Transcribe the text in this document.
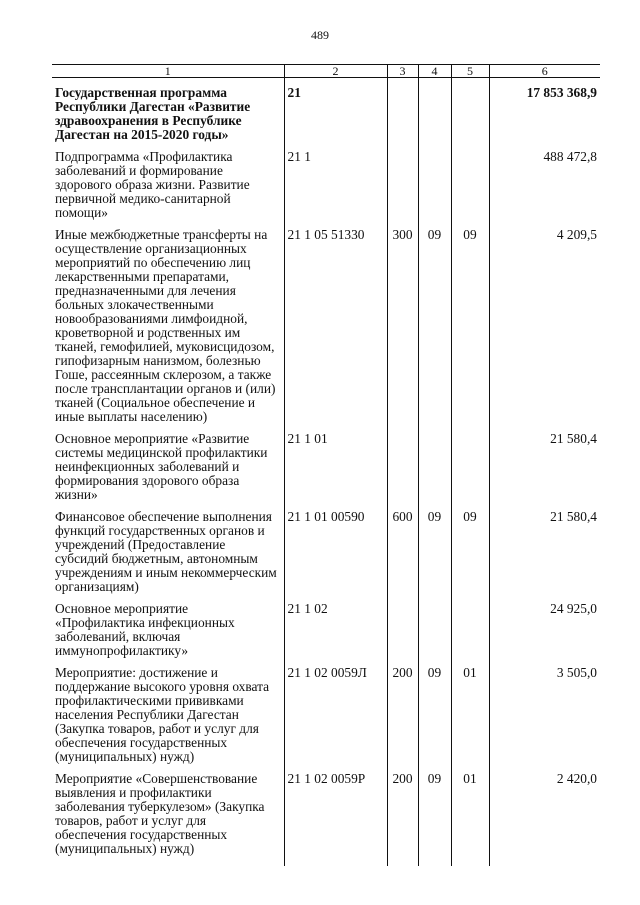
489
1	2	3	4	5	6
Государственная программа Республики Дагестан «Развитие здравоохранения в Республике Дагестан на 2015-2020 годы»	21				17 853 368,9
Подпрограмма «Профилактика заболеваний и формирование здорового образа жизни. Развитие первичной медико-санитарной помощи»	21 1				488 472,8
Иные межбюджетные трансферты на осуществление организационных мероприятий по обеспечению лиц лекарственными препаратами, предназначенными для лечения больных злокачественными новообразованиями лимфоидной, кроветворной и родственных им тканей, гемофилией, муковисцидозом, гипофизарным нанизмом, болезнью Гоше, рассеянным склерозом, а также после трансплантации органов и (или) тканей (Социальное обеспечение и иные выплаты населению)	21 1 05 51330	300	09	09	4 209,5
Основное мероприятие «Развитие системы медицинской профилактики неинфекционных заболеваний и формирования здорового образа жизни»	21 1 01				21 580,4
Финансовое обеспечение выполнения функций государственных органов и учреждений (Предоставление субсидий бюджетным, автономным учреждениям и иным некоммерческим организациям)	21 1 01 00590	600	09	09	21 580,4
Основное мероприятие «Профилактика инфекционных заболеваний, включая иммунопрофилактику»	21 1 02				24 925,0
Мероприятие: достижение и поддержание высокого уровня охвата профилактическими прививками населения Республики Дагестан (Закупка товаров, работ и услуг для обеспечения государственных (муниципальных) нужд)	21 1 02 0059Л	200	09	01	3 505,0
Мероприятие «Совершенствование выявления и профилактики заболевания туберкулезом» (Закупка товаров, работ и услуг для обеспечения государственных (муниципальных) нужд)	21 1 02 0059Р	200	09	01	2 420,0
